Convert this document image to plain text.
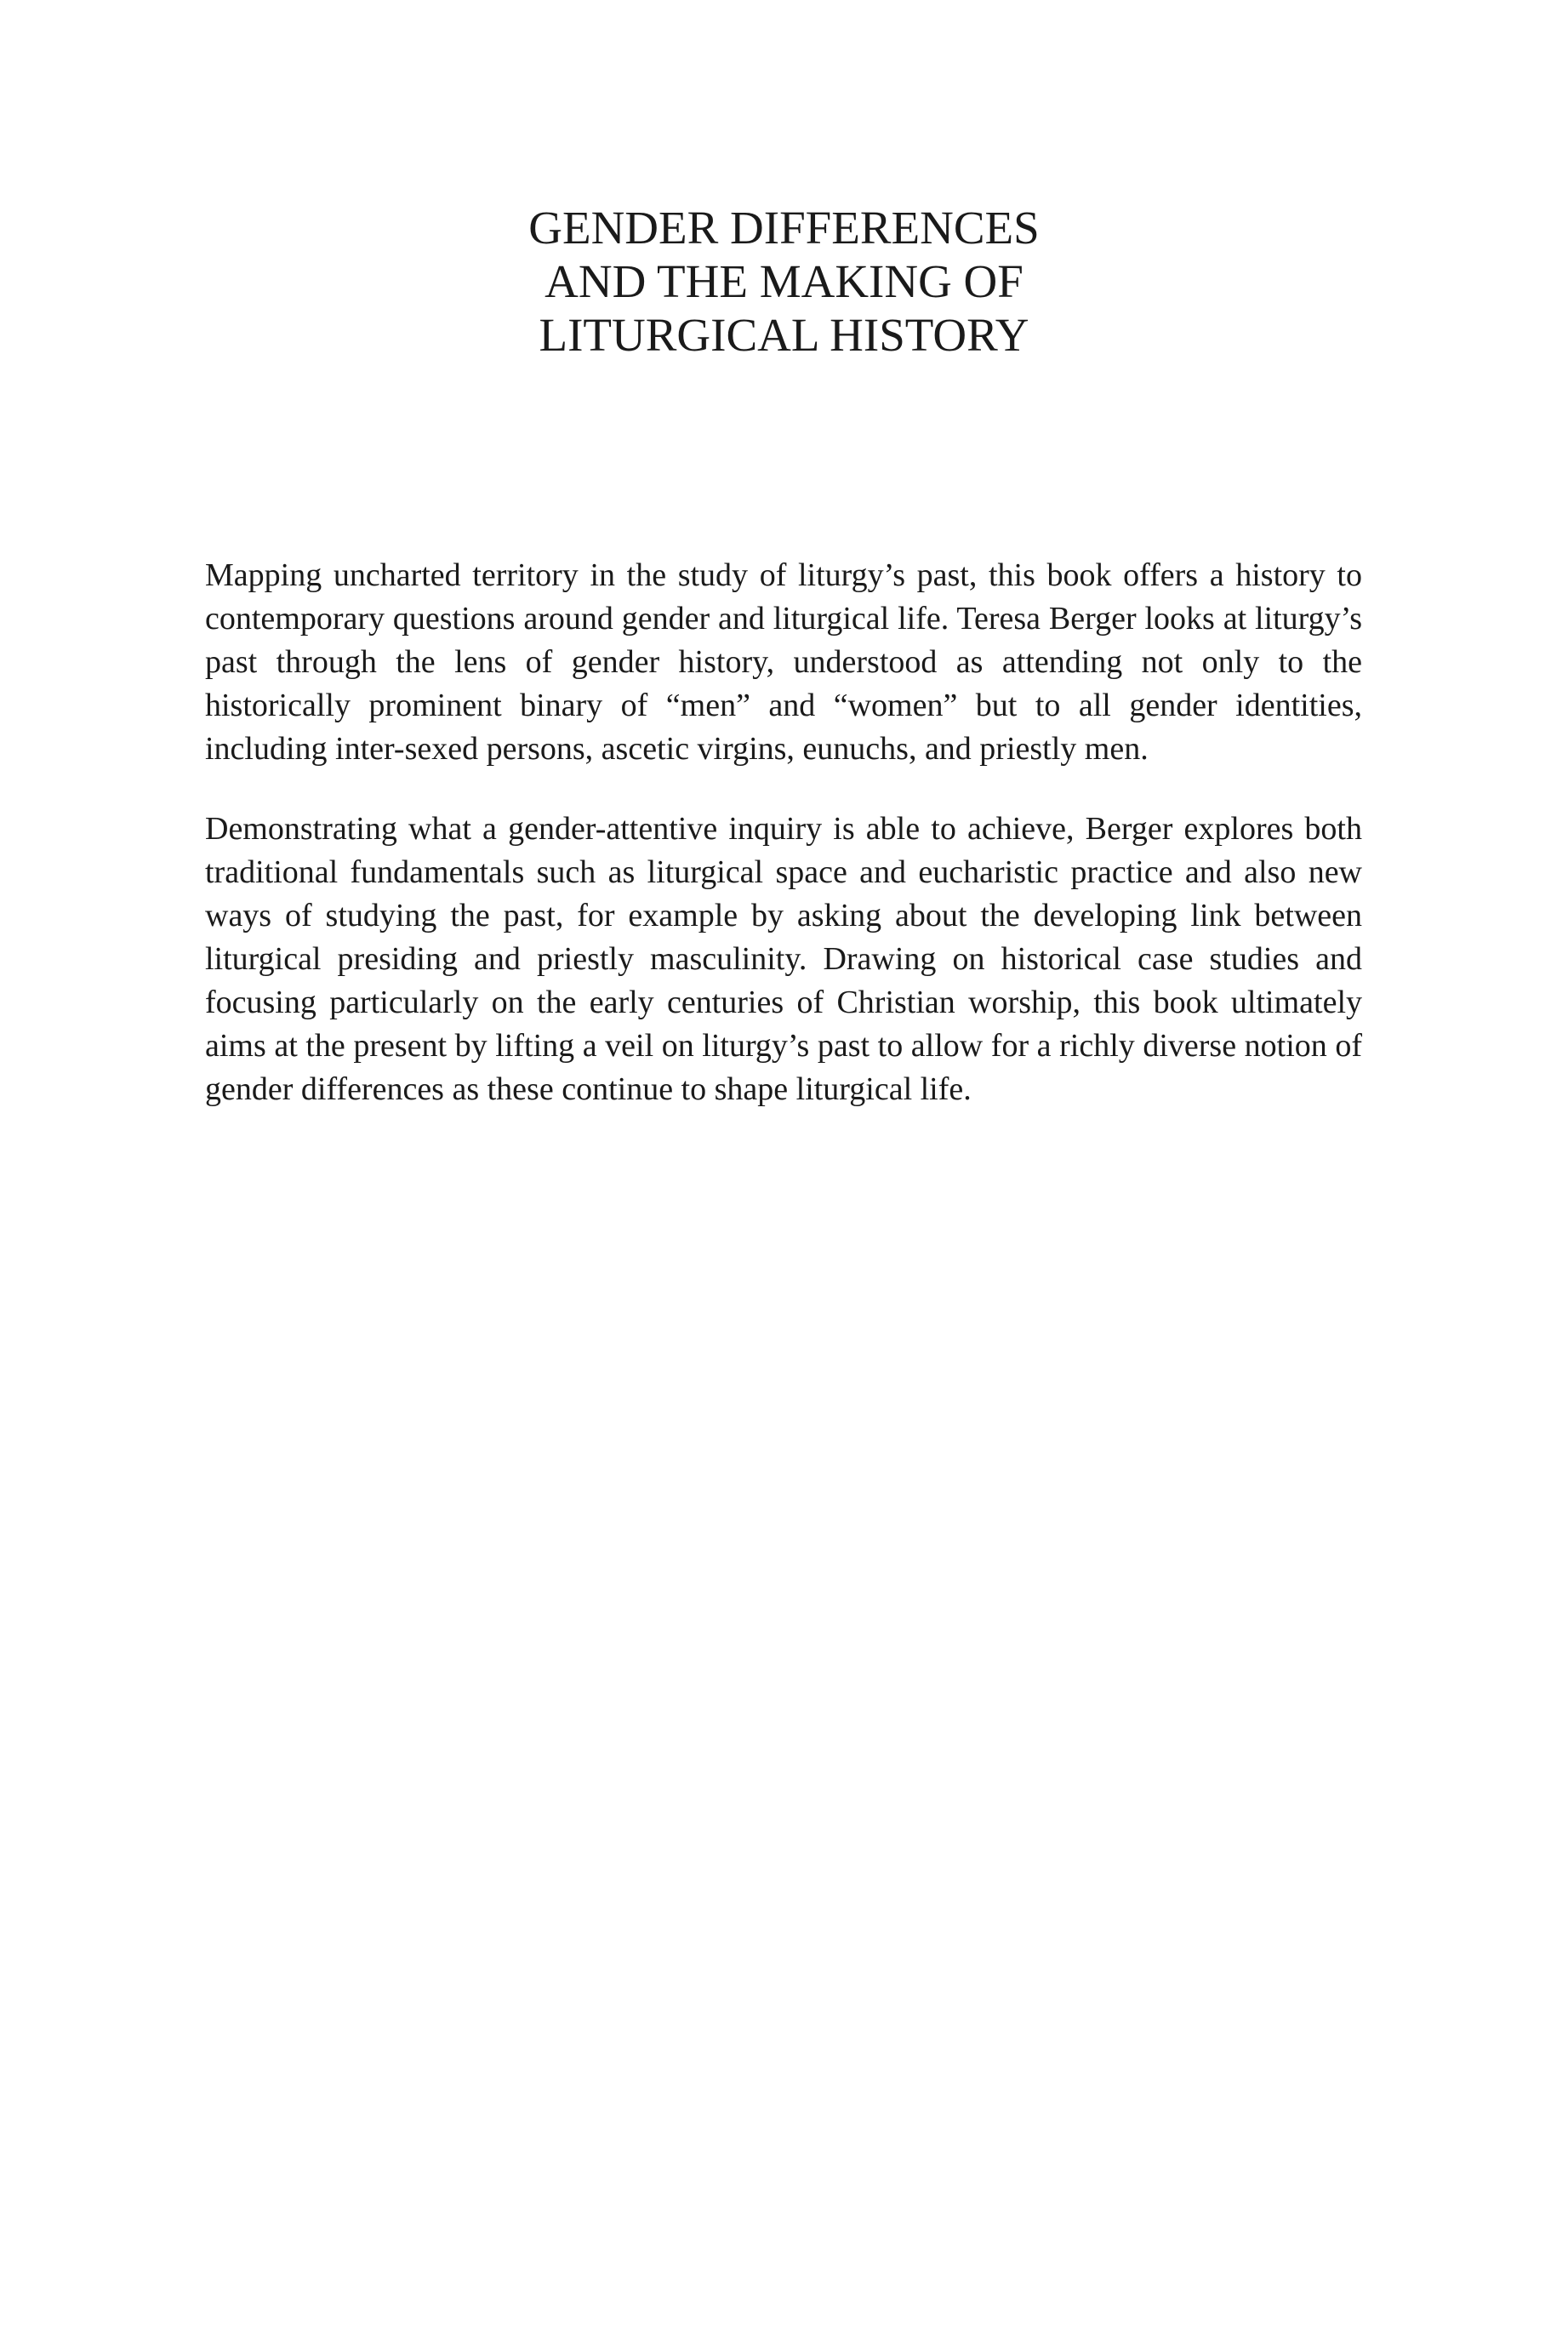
GENDER DIFFERENCES
AND THE MAKING OF
LITURGICAL HISTORY

Mapping uncharted territory in the study of liturgy’s past, this book offers a history to contemporary questions around gender and liturgical life. Teresa Berger looks at liturgy’s past through the lens of gender history, understood as attending not only to the historically prominent binary of “men” and “women” but to all gender identities, including inter-sexed persons, ascetic virgins, eunuchs, and priestly men.

Demonstrating what a gender-attentive inquiry is able to achieve, Berger explores both traditional fundamentals such as liturgical space and eucharistic practice and also new ways of studying the past, for example by asking about the developing link between liturgical presiding and priestly masculinity. Drawing on historical case studies and focusing particularly on the early centuries of Christian worship, this book ultimately aims at the present by lifting a veil on liturgy’s past to allow for a richly diverse notion of gender differences as these continue to shape liturgical life.
